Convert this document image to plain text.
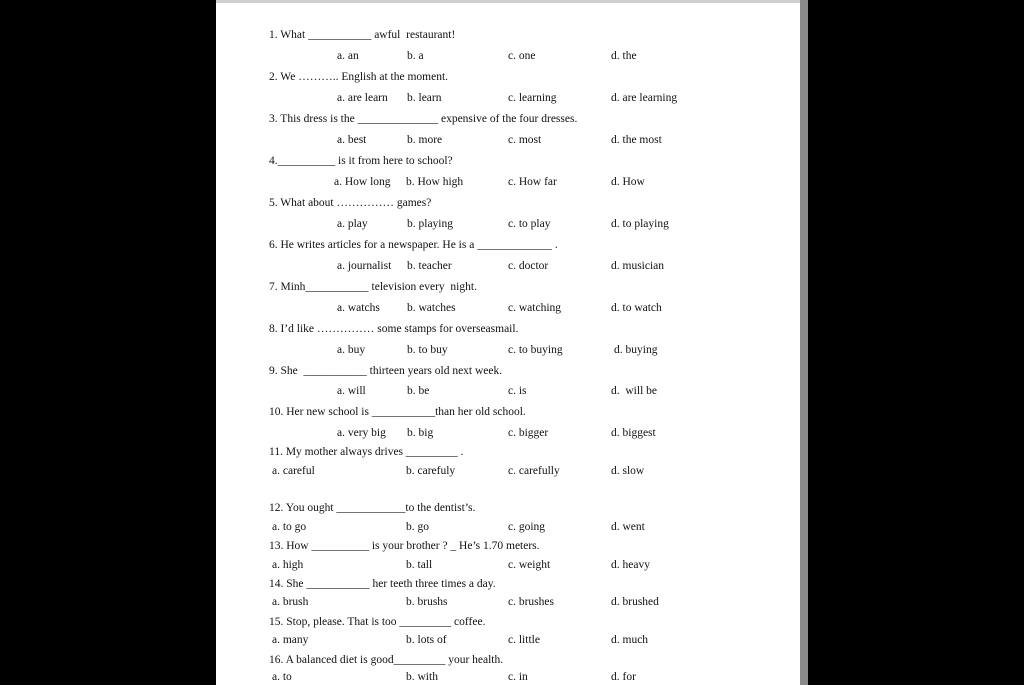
1. What ___________ awful  restaurant!
a. an	b. a	c. one	d. the
2. We ……….. English at the moment.
a. are learn b. learn	c. learning	d. are learning
3. This dress is the ______________ expensive of the four dresses.
a. best	b. more	c. most	d. the most
4.__________ is it from here to school?
a. How long b. How high	c. How far	d. How
5. What about …………… games?
a. play	b. playing	c. to play	d. to playing
6. He writes articles for a newspaper. He is a _____________ .
a. journalist b. teacher	c. doctor	d. musician
7. Minh___________ television every  night.
a. watchs b. watches	c. watching	d. to watch
8. I’d like …………… some stamps for overseasmail.
a. buy	b. to buy	c. to buying	d. buying
9. She  ___________ thirteen years old next week.
a. will	b. be	c. is	d.  will be
10. Her new school is ___________than her old school.
a. very big b. big	c. bigger	d. biggest
11. My mother always drives _________ .
a. careful	b. carefuly	c. carefully	d. slow
12. You ought ____________to the dentist’s.
a. to go	b. go	c. going	d. went
13. How __________ is your brother ? _ He’s 1.70 meters.
a. high	b. tall	c. weight	d. heavy
14. She ___________ her teeth three times a day.
a. brush	b. brushs	c. brushes	d. brushed
15. Stop, please. That is too _________ coffee.
a. many	b. lots of	c. little	d. much
16. A balanced diet is good_________ your health.
a. to	b. with	c. in	d. for
